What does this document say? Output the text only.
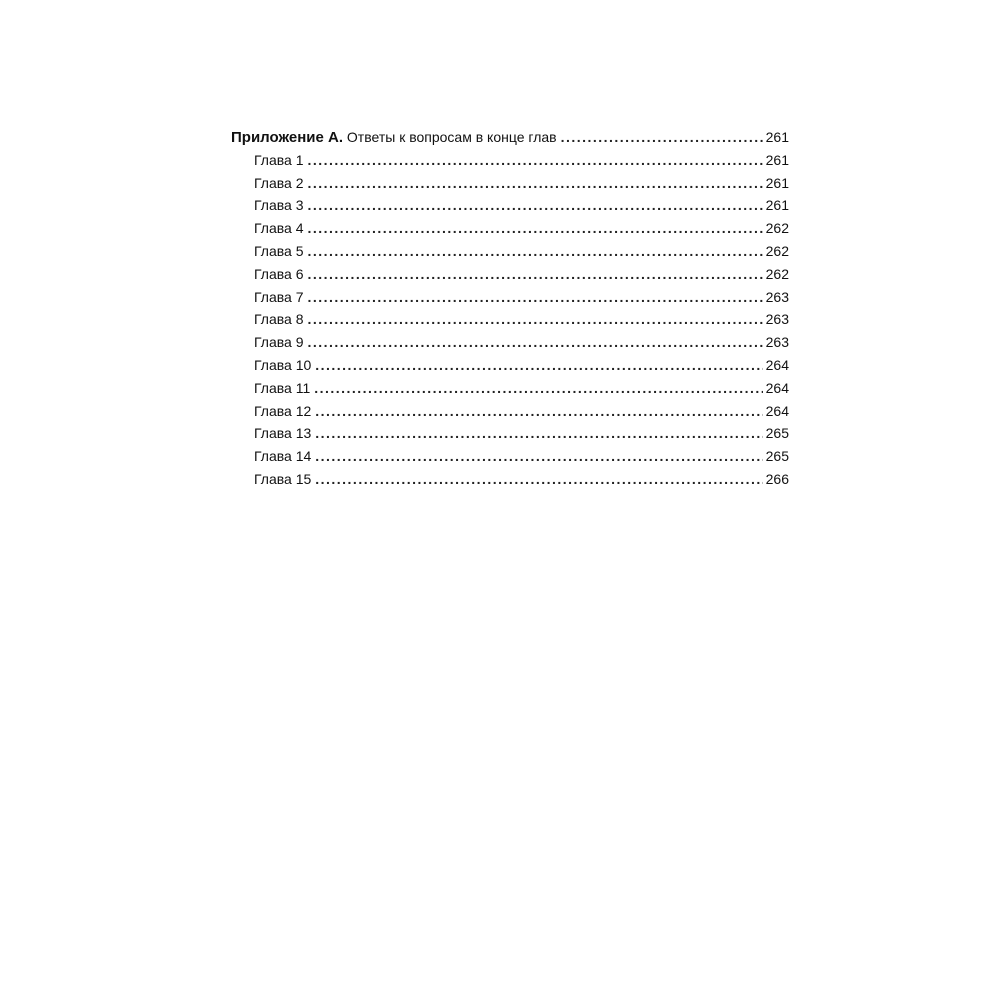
Приложение А. Ответы к вопросам в конце глав . . .	261
Глава 1 . . .	261
Глава 2 . . .	261
Глава 3 . . .	261
Глава 4 . . .	262
Глава 5 . . .	262
Глава 6 . . .	262
Глава 7 . . .	263
Глава 8 . . .	263
Глава 9 . . .	263
Глава 10 . . .	264
Глава 11 . . .	264
Глава 12 . . .	264
Глава 13 . . .	265
Глава 14 . . .	265
Глава 15 . . .	266
